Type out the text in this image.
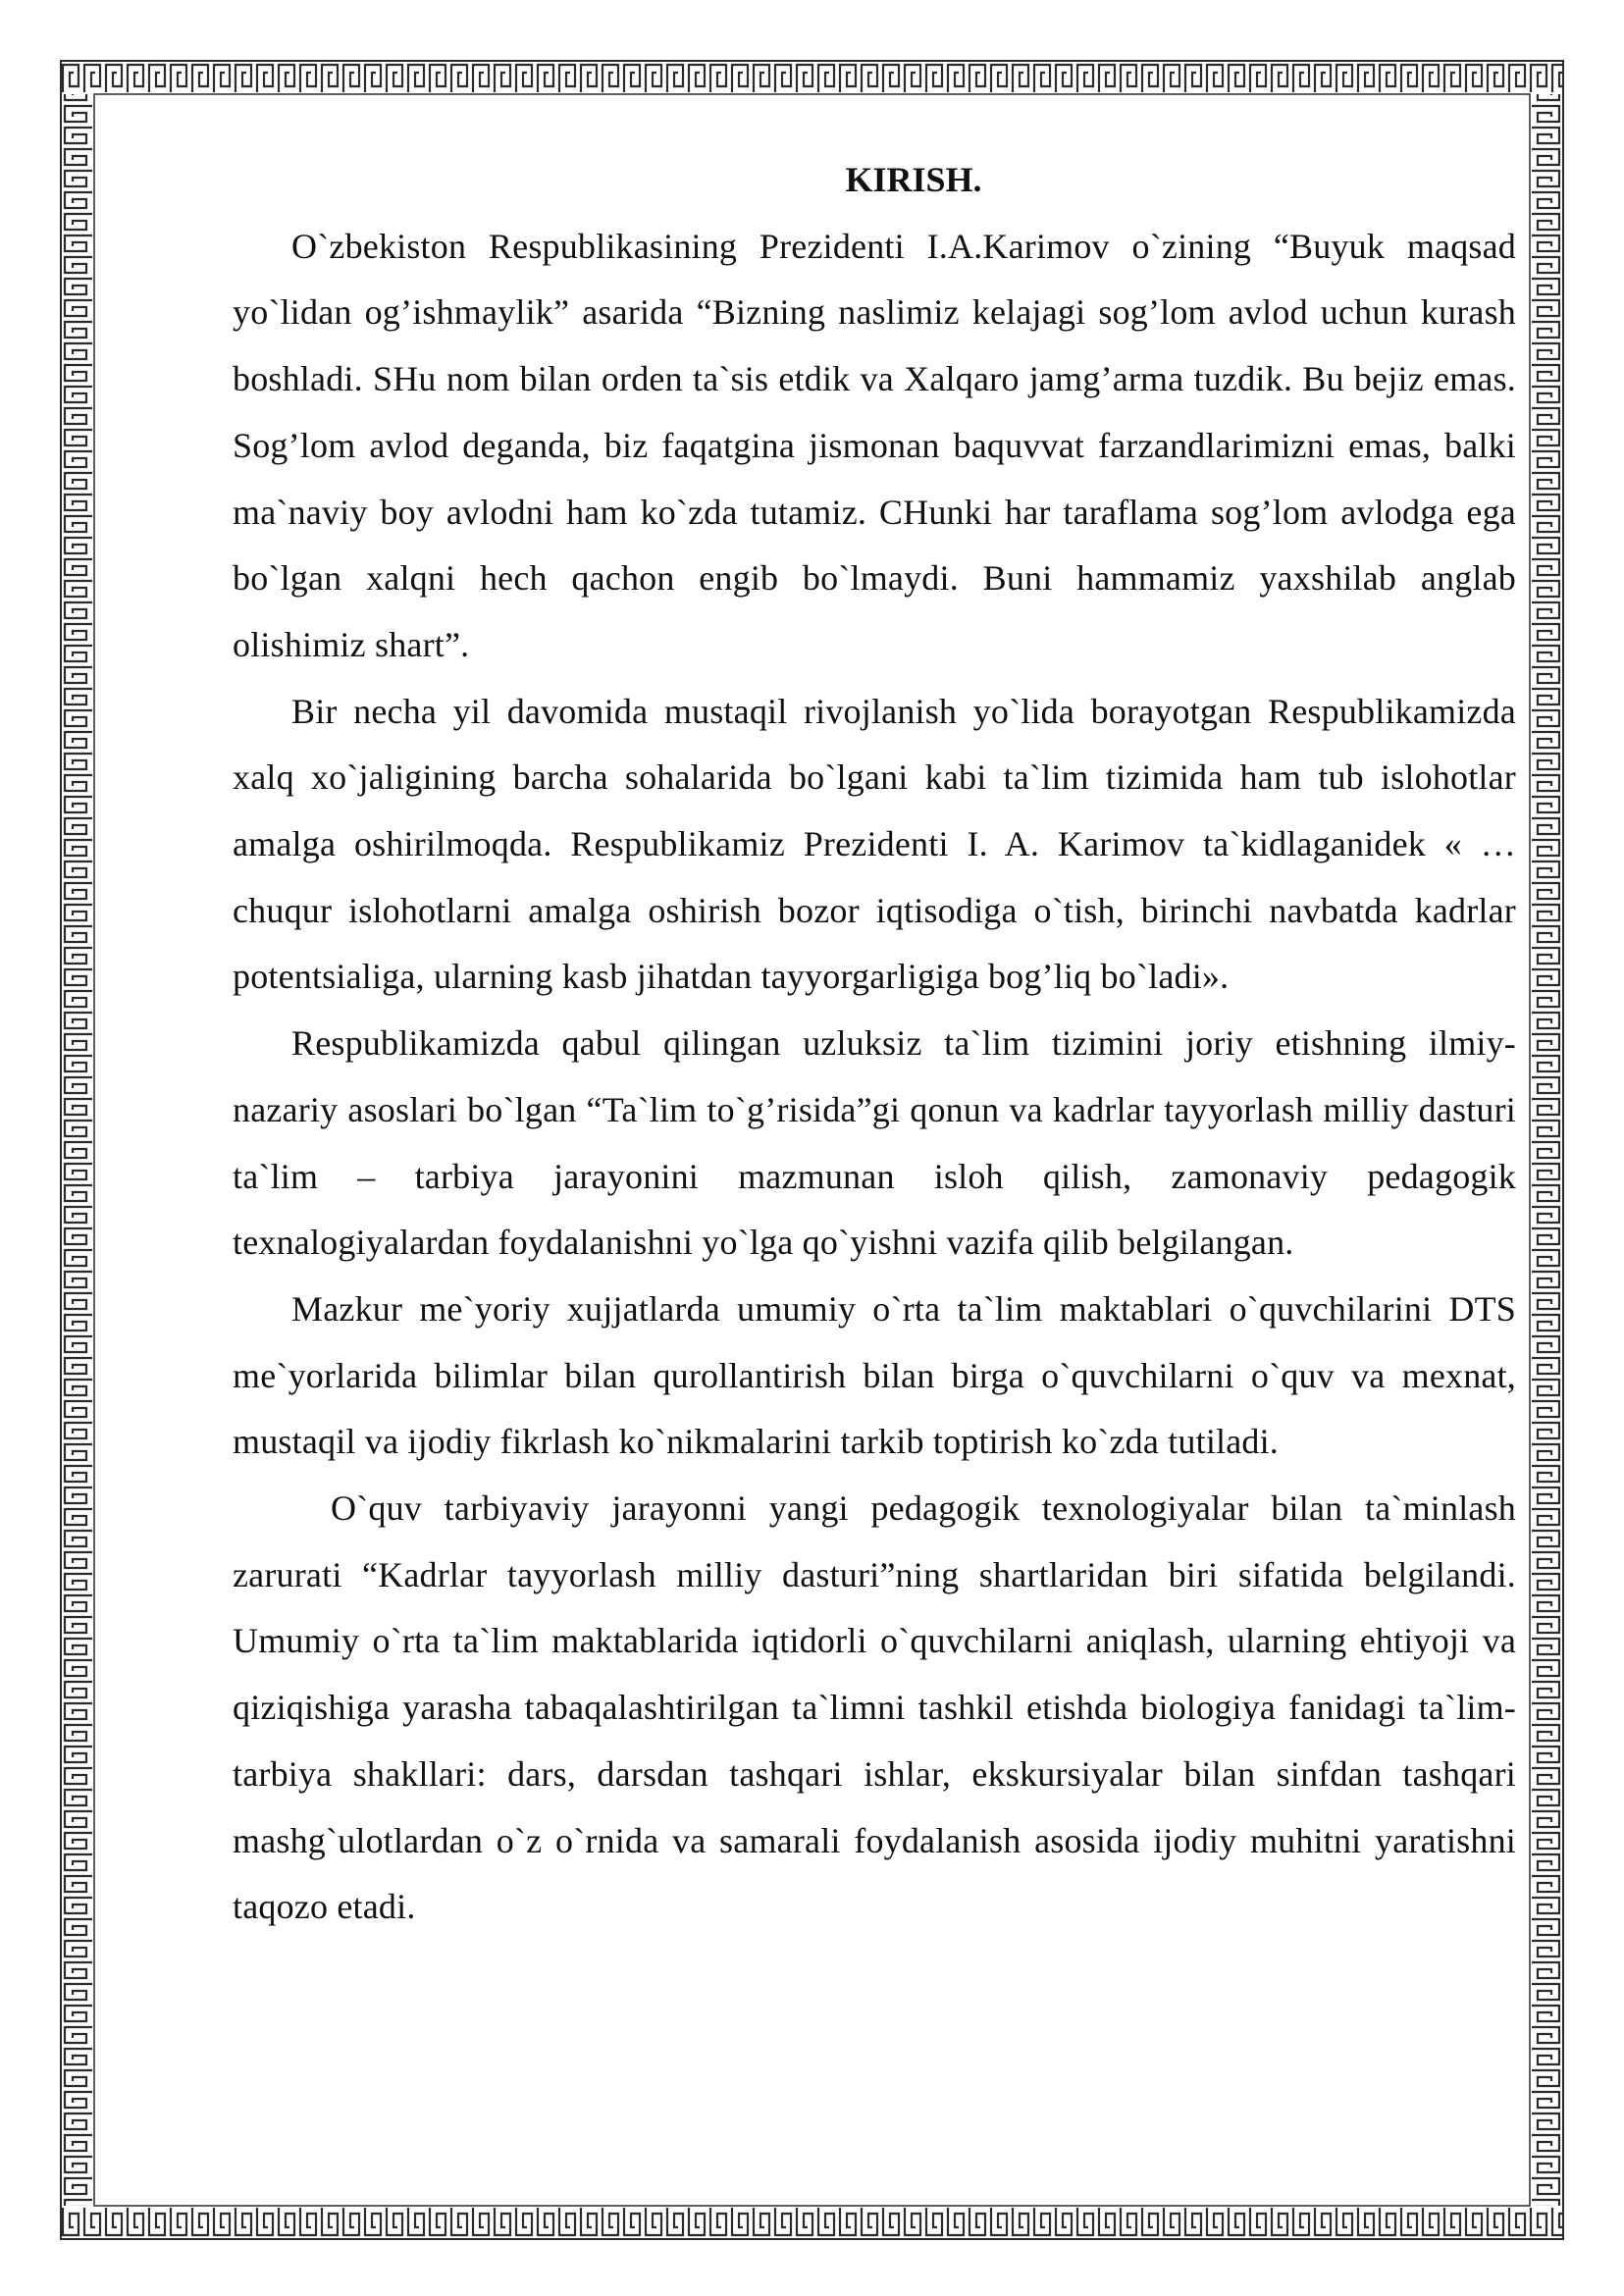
KIRISH.

O`zbekiston Respublikasining Prezidenti I.A.Karimov o`zining “Buyuk maqsad yo`lidan og’ishmaylik” asarida “Bizning naslimiz kelajagi sog’lom avlod uchun kurash boshladi. SHu nom bilan orden ta`sis etdik va Xalqaro jamg’arma tuzdik. Bu bejiz emas. Sog’lom avlod deganda, biz faqatgina jismonan baquvvat farzandlarimizni emas, balki ma`naviy boy avlodni ham ko`zda tutamiz. CHunki har taraflama sog’lom avlodga ega bo`lgan xalqni hech qachon engib bo`lmaydi. Buni hammamiz yaxshilab anglab olishimiz shart”.

Bir necha yil davomida mustaqil rivojlanish yo`lida borayotgan Respublikamizda xalq xo`jaligining barcha sohalarida bo`lgani kabi ta`lim tizimida ham tub islohotlar amalga oshirilmoqda. Respublikamiz Prezidenti I. A. Karimov ta`kidlaganidek « …chuqur islohotlarni amalga oshirish bozor iqtisodiga o`tish, birinchi navbatda kadrlar potentsialiga, ularning kasb jihatdan tayyorgarligiga bog’liq bo`ladi».

Respublikamizda qabul qilingan uzluksiz ta`lim tizimini joriy etishning ilmiy-nazariy asoslari bo`lgan “Ta`lim to`g’risida”gi qonun va kadrlar tayyorlash milliy dasturi ta`lim – tarbiya jarayonini mazmunan isloh qilish, zamonaviy pedagogik texnalogiyalardan foydalanishni yo`lga qo`yishni vazifa qilib belgilangan.

Mazkur me`yoriy xujjatlarda umumiy o`rta ta`lim maktablari o`quvchilarini DTS me`yorlarida bilimlar bilan qurollantirish bilan birga o`quvchilarni o`quv va mexnat, mustaqil va ijodiy fikrlash ko`nikmalarini tarkib toptirish ko`zda tutiladi.

O`quv tarbiyaviy jarayonni yangi pedagogik texnologiyalar bilan ta`minlash zarurati “Kadrlar tayyorlash milliy dasturi”ning shartlaridan biri sifatida belgilandi. Umumiy o`rta ta`lim maktablarida iqtidorli o`quvchilarni aniqlash, ularning ehtiyoji va qiziqishiga yarasha tabaqalashtirilgan ta`limni tashkil etishda biologiya fanidagi ta`lim-tarbiya shakllari: dars, darsdan tashqari ishlar, ekskursiyalar bilan sinfdan tashqari mashg`ulotlardan o`z o`rnida va samarali foydalanish asosida ijodiy muhitni yaratishni taqozo etadi.
